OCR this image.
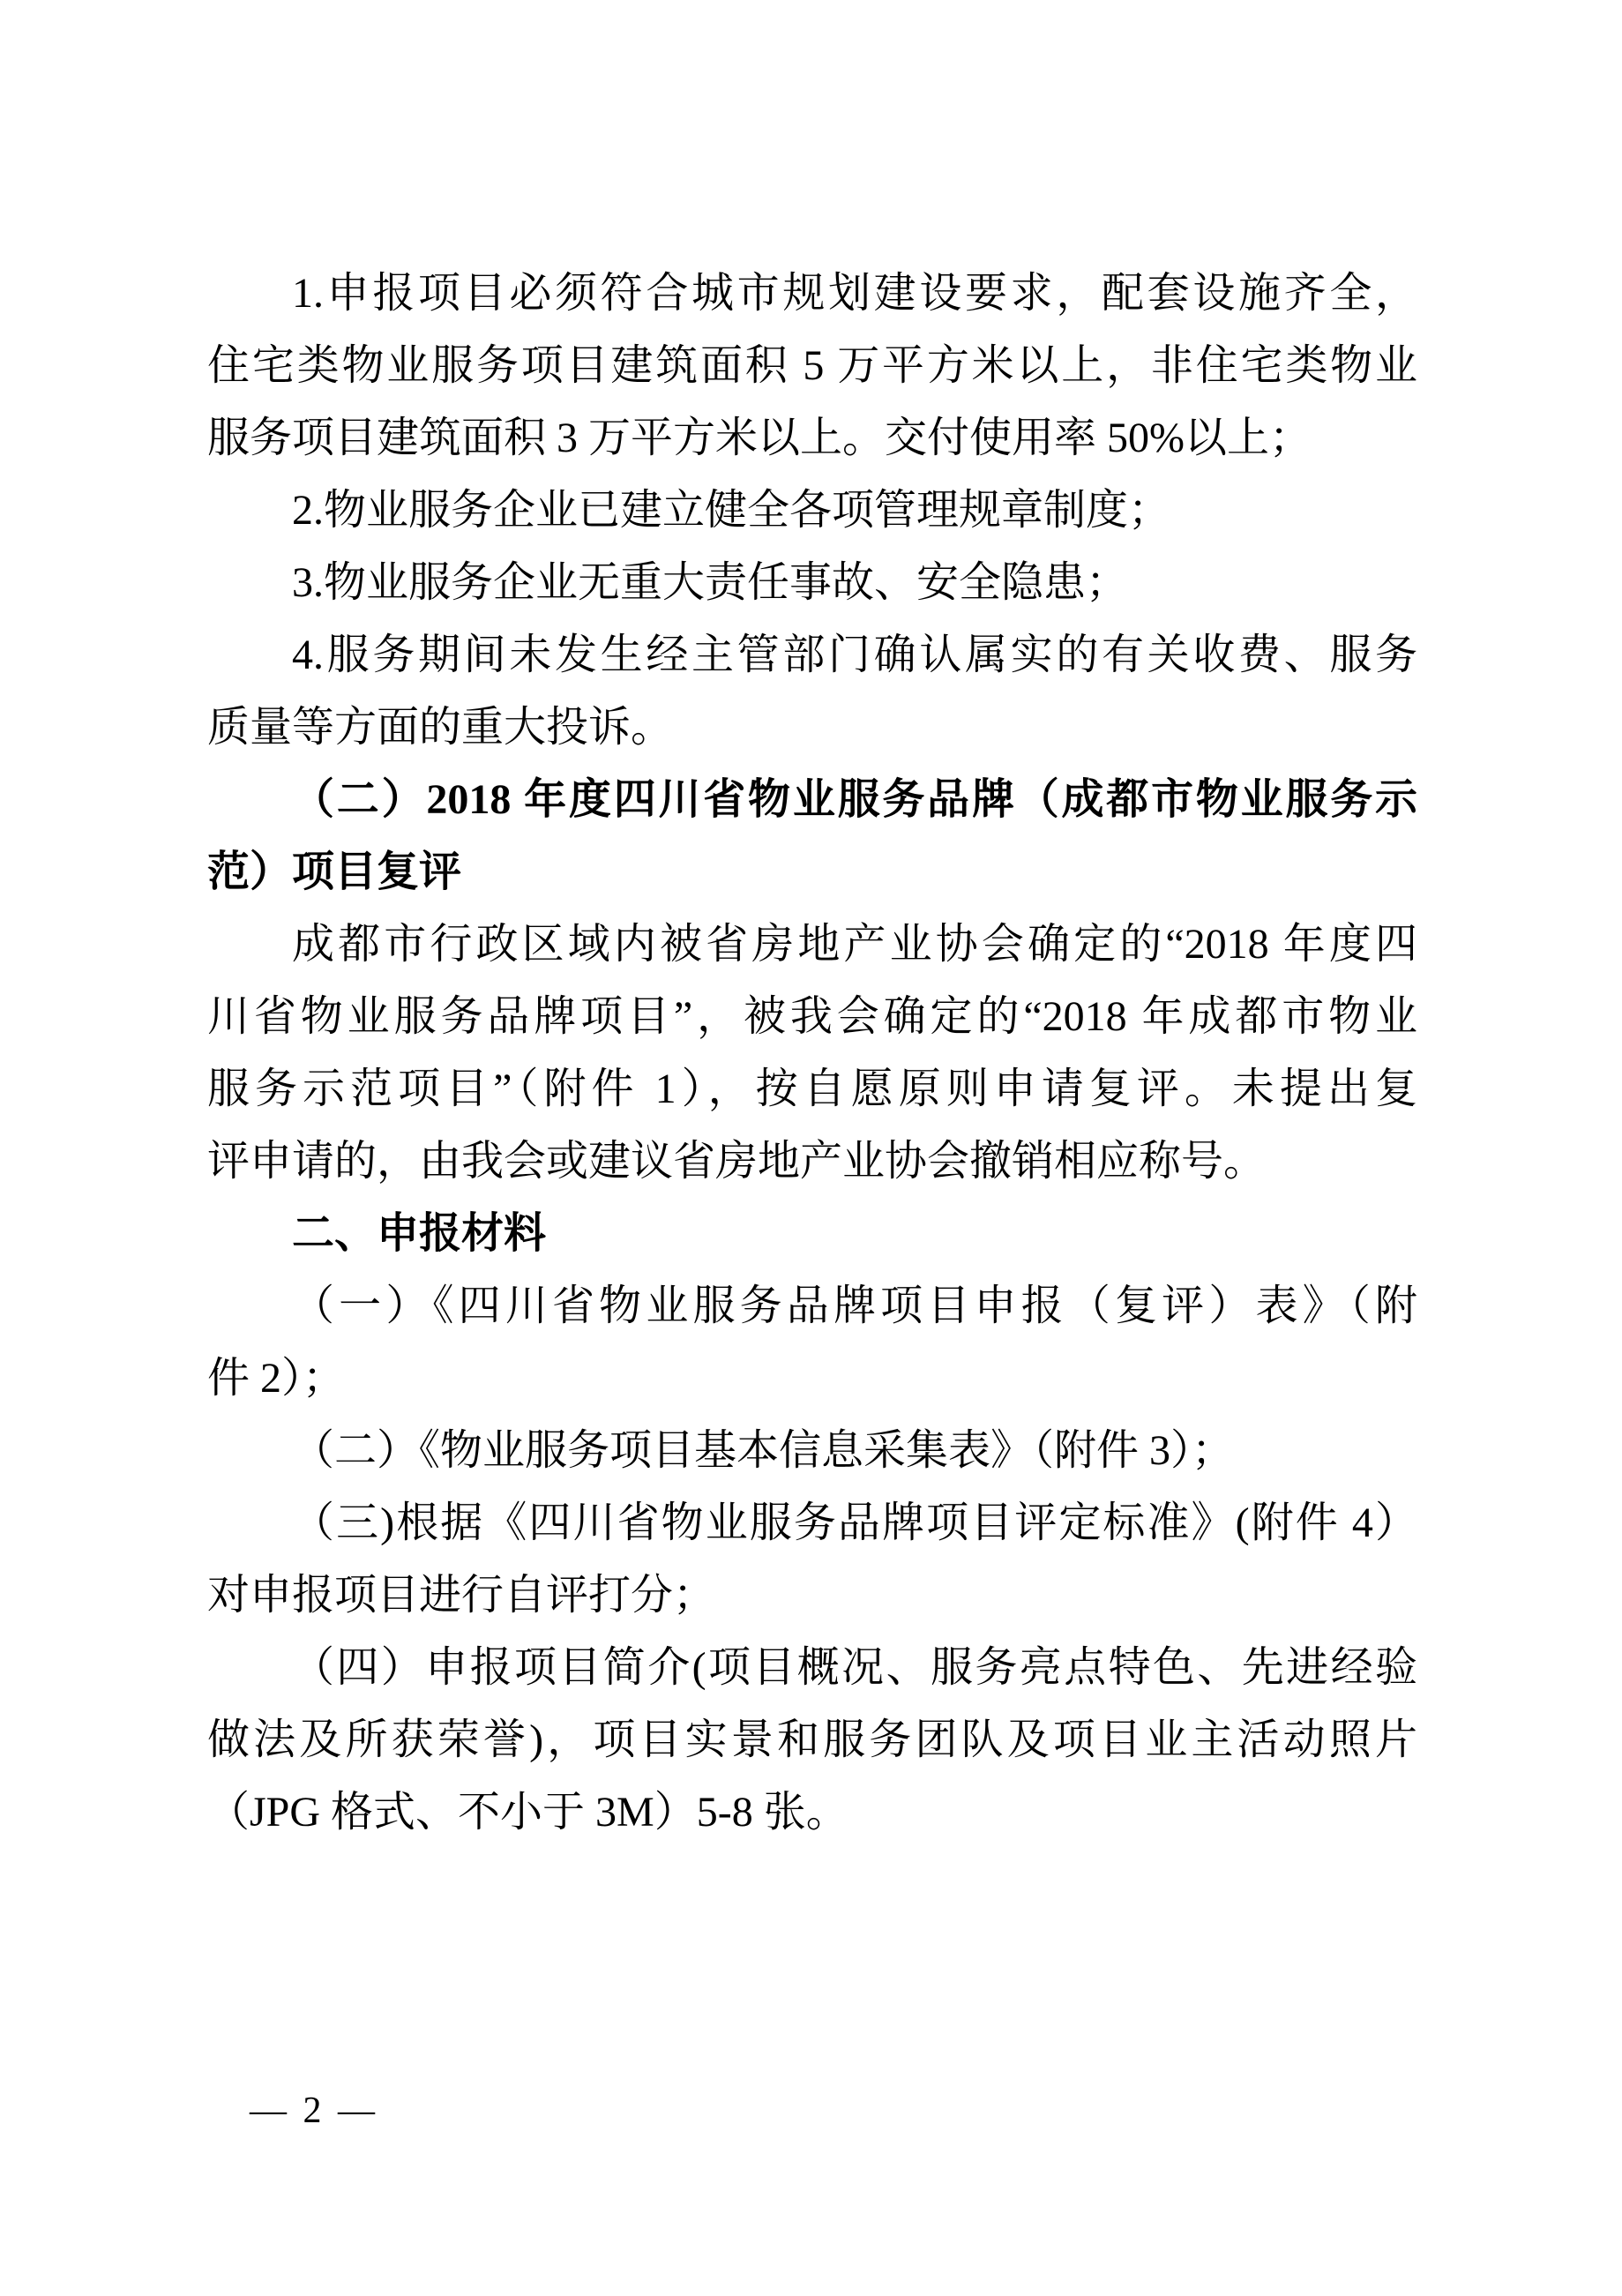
1.申报项目必须符合城市规划建设要求，配套设施齐全，

住宅类物业服务项目建筑面积 5 万平方米以上，非住宅类物业

服务项目建筑面积 3 万平方米以上。交付使用率 50%以上；

2.物业服务企业已建立健全各项管理规章制度；

3.物业服务企业无重大责任事故、安全隐患；

4.服务期间未发生经主管部门确认属实的有关收费、服务

质量等方面的重大投诉。

（二）2018 年度四川省物业服务品牌（成都市物业服务示

范）项目复评

成都市行政区域内被省房地产业协会确定的“2018 年度四

川省物业服务品牌项目”，被我会确定的“2018 年成都市物业

服务示范项目”（附件 1），按自愿原则申请复评。未提出复

评申请的，由我会或建议省房地产业协会撤销相应称号。

二、申报材料

（一）《四川省物业服务品牌项目申报（复评）表》（附

件 2）；

（二）《物业服务项目基本信息采集表》（附件 3）；

（三)根据《四川省物业服务品牌项目评定标准》(附件 4）

对申报项目进行自评打分；

（四）申报项目简介(项目概况、服务亮点特色、先进经验

做法及所获荣誉)，项目实景和服务团队及项目业主活动照片

（JPG 格式、不小于 3M）5-8 张。

— 2 —
